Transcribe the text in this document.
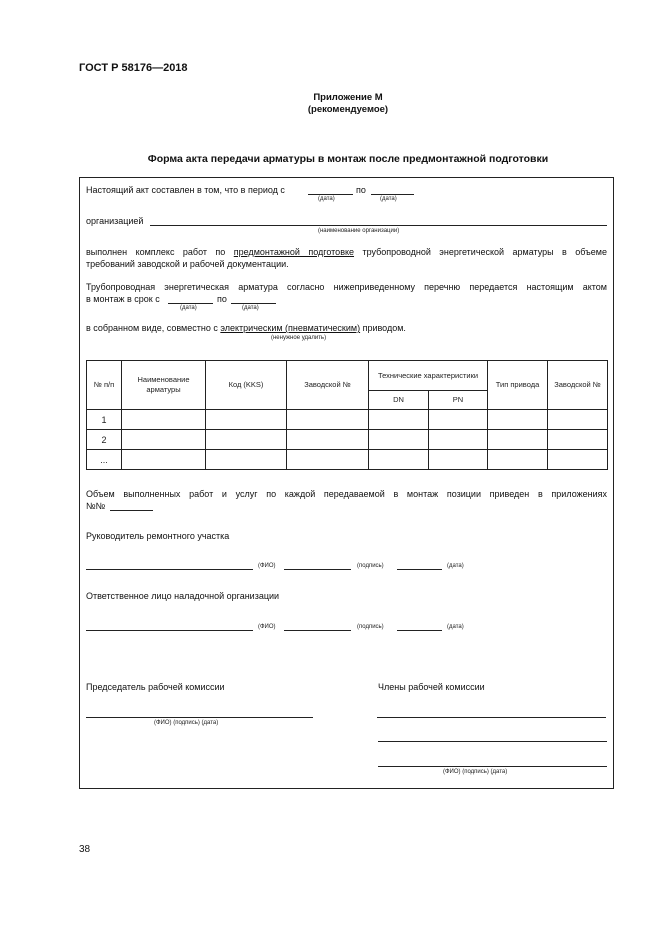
ГОСТ Р 58176—2018
Приложение М
(рекомендуемое)
Форма акта передачи арматуры в монтаж после предмонтажной подготовки
Настоящий акт составлен в том, что в период с	по
(дата)	(дата)
организацией
(наименование организации)
выполнен комплекс работ по предмонтажной подготовке трубопроводной энергетической арматуры в объеме
требований заводской и рабочей документации.
Трубопроводная энергетическая арматура согласно нижеприведенному перечню передается настоящим актом
в монтаж в срок с	по
(дата)	(дата)
в собранном виде, совместно с электрическим (пневматическим) приводом.
(ненужное удалить)
№ п/п	Наименование арматуры	Код (KKS)	Заводской №	Технические характеристики		Тип привода	Заводской №
				DN	PN		
1							
2							
...							
Объем выполненных работ и услуг по каждой передаваемой в монтаж позиции приведен в приложениях
№№
Руководитель ремонтного участка
(ФИО)	(подпись)	(дата)
Ответственное лицо наладочной организации
(ФИО)	(подпись)	(дата)
Председатель рабочей комиссии	Члены рабочей комиссии
(ФИО) (подпись) (дата)
(ФИО) (подпись) (дата)
38
